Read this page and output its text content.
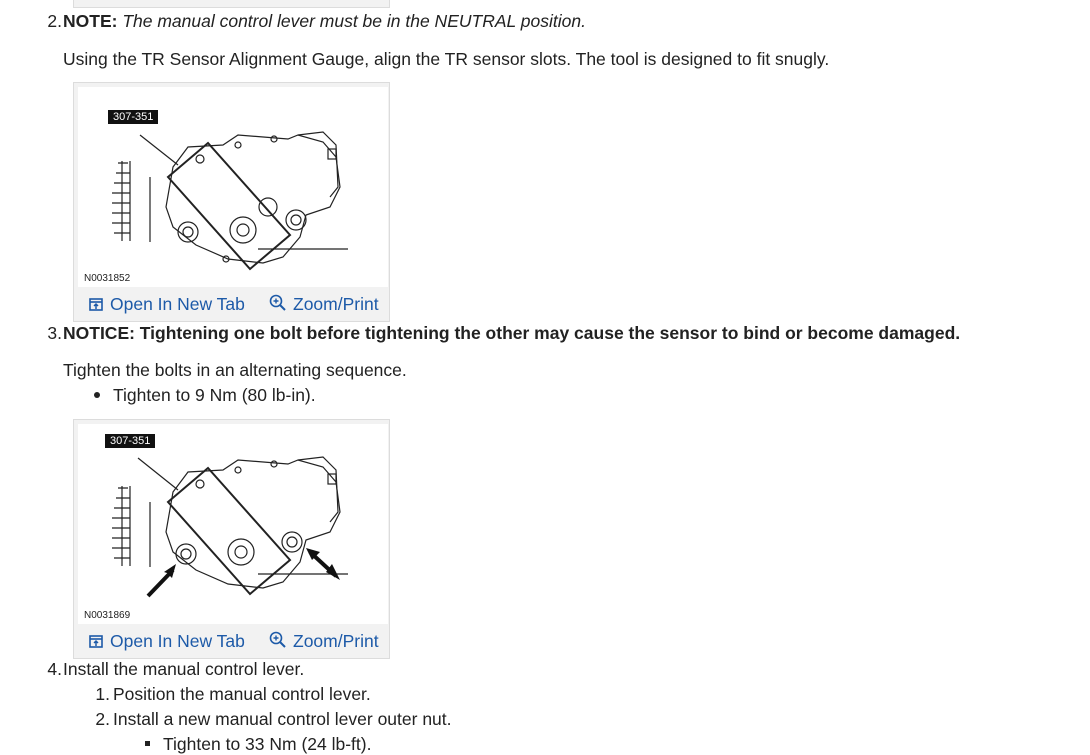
2. NOTE: The manual control lever must be in the NEUTRAL position.
Using the TR Sensor Alignment Gauge, align the TR sensor slots. The tool is designed to fit snugly.
307-351
N0031852
Open In New Tab	Zoom/Print
3. NOTICE: Tightening one bolt before tightening the other may cause the sensor to bind or become damaged.
Tighten the bolts in an alternating sequence.
Tighten to 9 Nm (80 lb-in).
307-351
N0031869
Open In New Tab	Zoom/Print
4. Install the manual control lever.
1. Position the manual control lever.
2. Install a new manual control lever outer nut.
Tighten to 33 Nm (24 lb-ft).
